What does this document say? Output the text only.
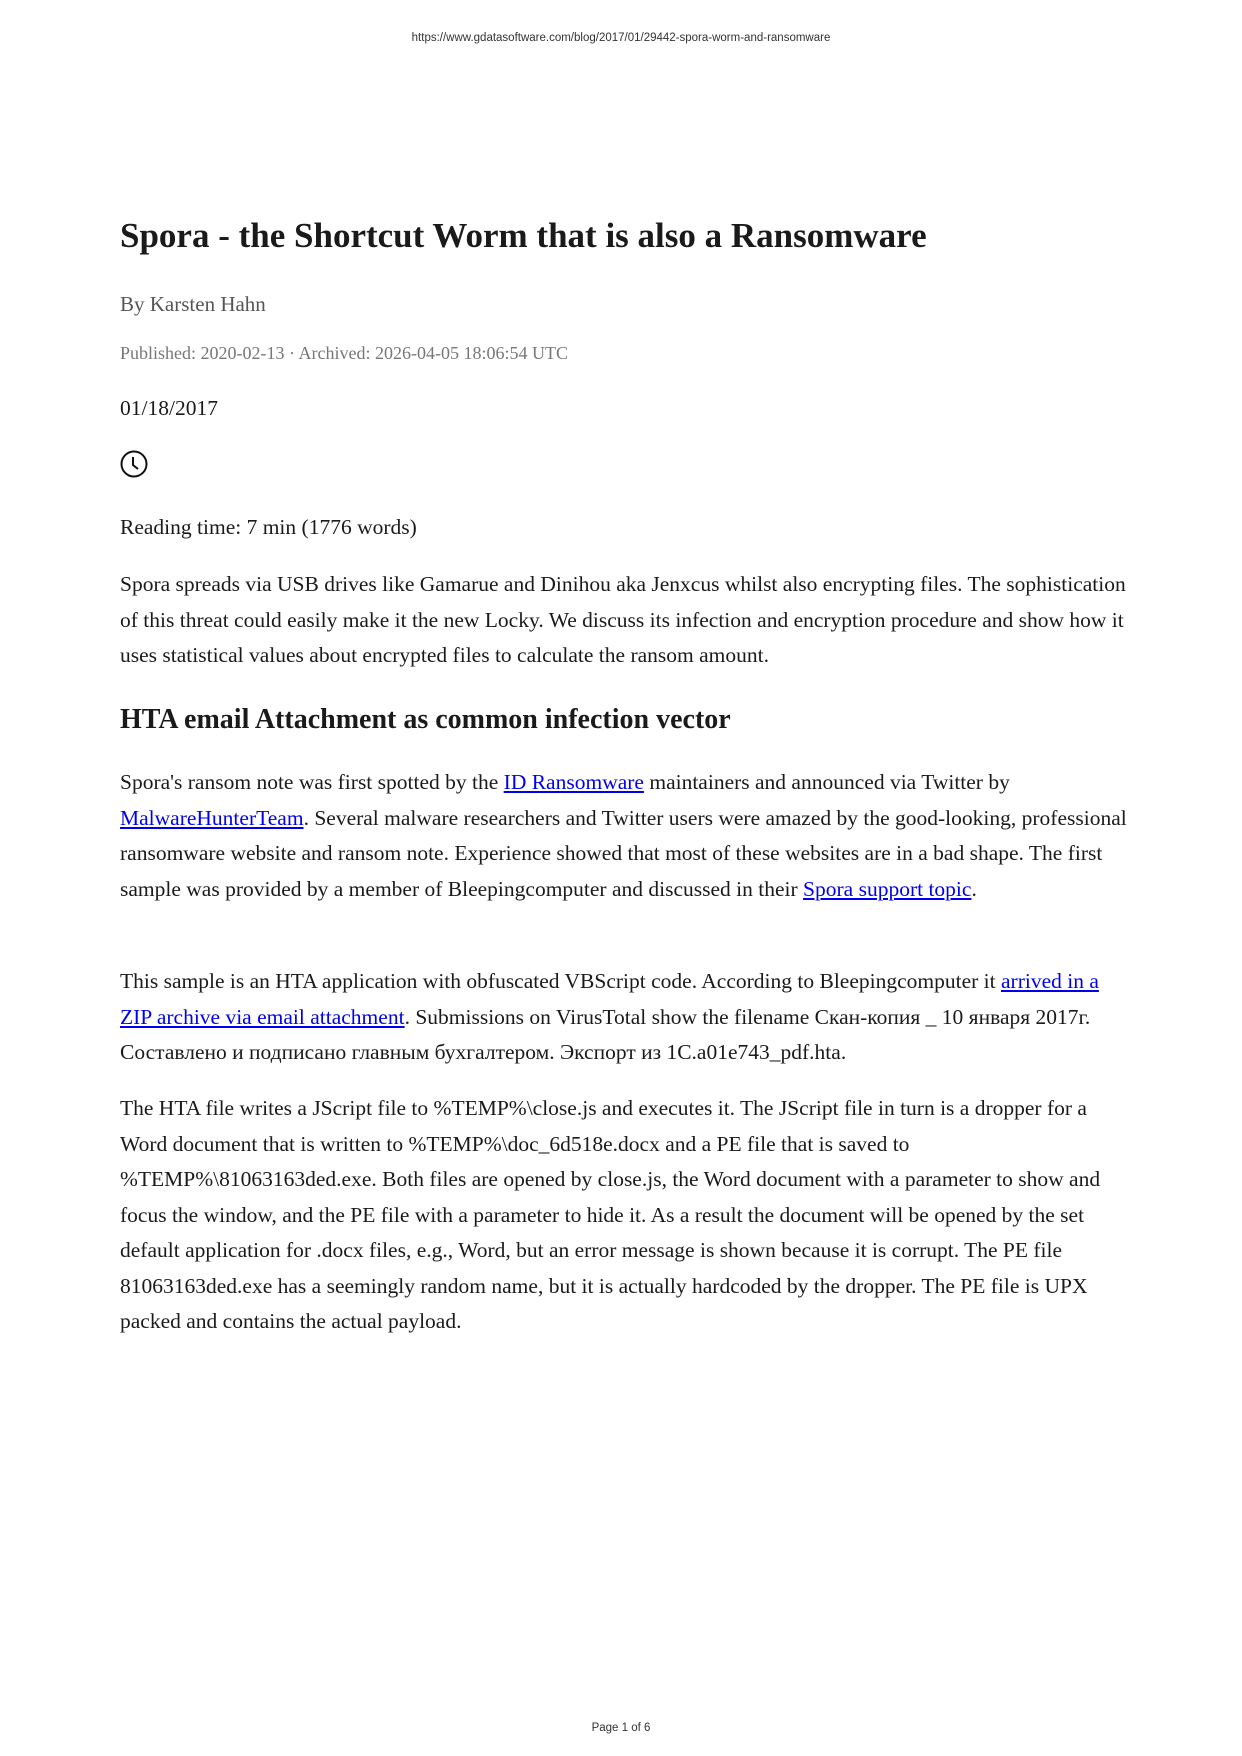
https://www.gdatasoftware.com/blog/2017/01/29442-spora-worm-and-ransomware
Spora - the Shortcut Worm that is also a Ransomware
By Karsten Hahn
Published: 2020-02-13 · Archived: 2026-04-05 18:06:54 UTC
01/18/2017
Reading time: 7 min (1776 words)

Spora spreads via USB drives like Gamarue and Dinihou aka Jenxcus whilst also encrypting files. The sophistication of this threat could easily make it the new Locky. We discuss its infection and encryption procedure and show how it uses statistical values about encrypted files to calculate the ransom amount.

HTA email Attachment as common infection vector

Spora's ransom note was first spotted by the ID Ransomware maintainers and announced via Twitter by MalwareHunterTeam. Several malware researchers and Twitter users were amazed by the good-looking, professional ransomware website and ransom note. Experience showed that most of these websites are in a bad shape. The first sample was provided by a member of Bleepingcomputer and discussed in their Spora support topic.

This sample is an HTA application with obfuscated VBScript code. According to Bleepingcomputer it arrived in a ZIP archive via email attachment. Submissions on VirusTotal show the filename Скан-копия _ 10 января 2017г. Составлено и подписано главным бухгалтером. Экспорт из 1С.a01e743_pdf.hta.

The HTA file writes a JScript file to %TEMP%\close.js and executes it. The JScript file in turn is a dropper for a Word document that is written to %TEMP%\doc_6d518e.docx and a PE file that is saved to %TEMP%\81063163ded.exe. Both files are opened by close.js, the Word document with a parameter to show and focus the window, and the PE file with a parameter to hide it. As a result the document will be opened by the set default application for .docx files, e.g., Word, but an error message is shown because it is corrupt. The PE file 81063163ded.exe has a seemingly random name, but it is actually hardcoded by the dropper. The PE file is UPX packed and contains the actual payload.

Page 1 of 6
